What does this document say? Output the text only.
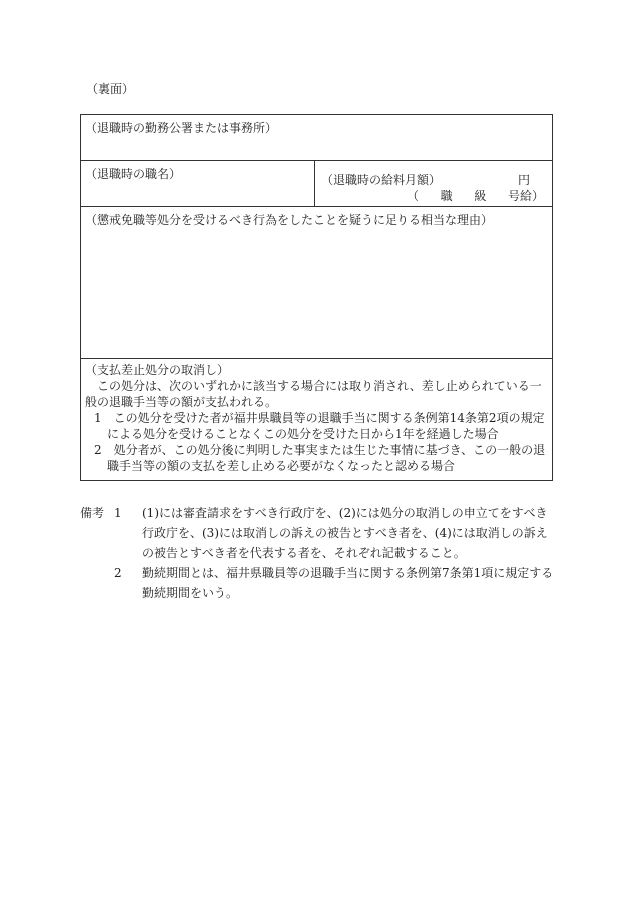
（裏面）
（退職時の勤務公署または事務所）
（退職時の職名）	（退職時の給料月額）	円
（ 職 級 号給）
（懲戒免職等処分を受けるべき行為をしたことを疑うに足りる相当な理由）

（支払差止処分の取消し）

この処分は、次のいずれかに該当する場合には取り消され、差し止められている一般の退職手当等の額が支払われる。

1　 この処分を受けた者が福井県職員等の退職手当に関する条例第14条第2項の規定による処分を受けることなくこの処分を受けた日から1年を経過した場合

2　 処分者が、この処分後に判明した事実または生じた事情に基づき、この一般の退職手当等の額の支払を差し止める必要がなくなったと認める場合

備考 1	(1)には審査請求をすべき行政庁を、(2)には処分の取消しの申立てをすべき行政庁を、(3)には取消しの訴えの被告とすべき者を、(4)には取消しの訴えの被告とすべき者を代表する者を、それぞれ記載すること。
2	勤続期間とは、福井県職員等の退職手当に関する条例第7条第1項に規定する勤続期間をいう。
